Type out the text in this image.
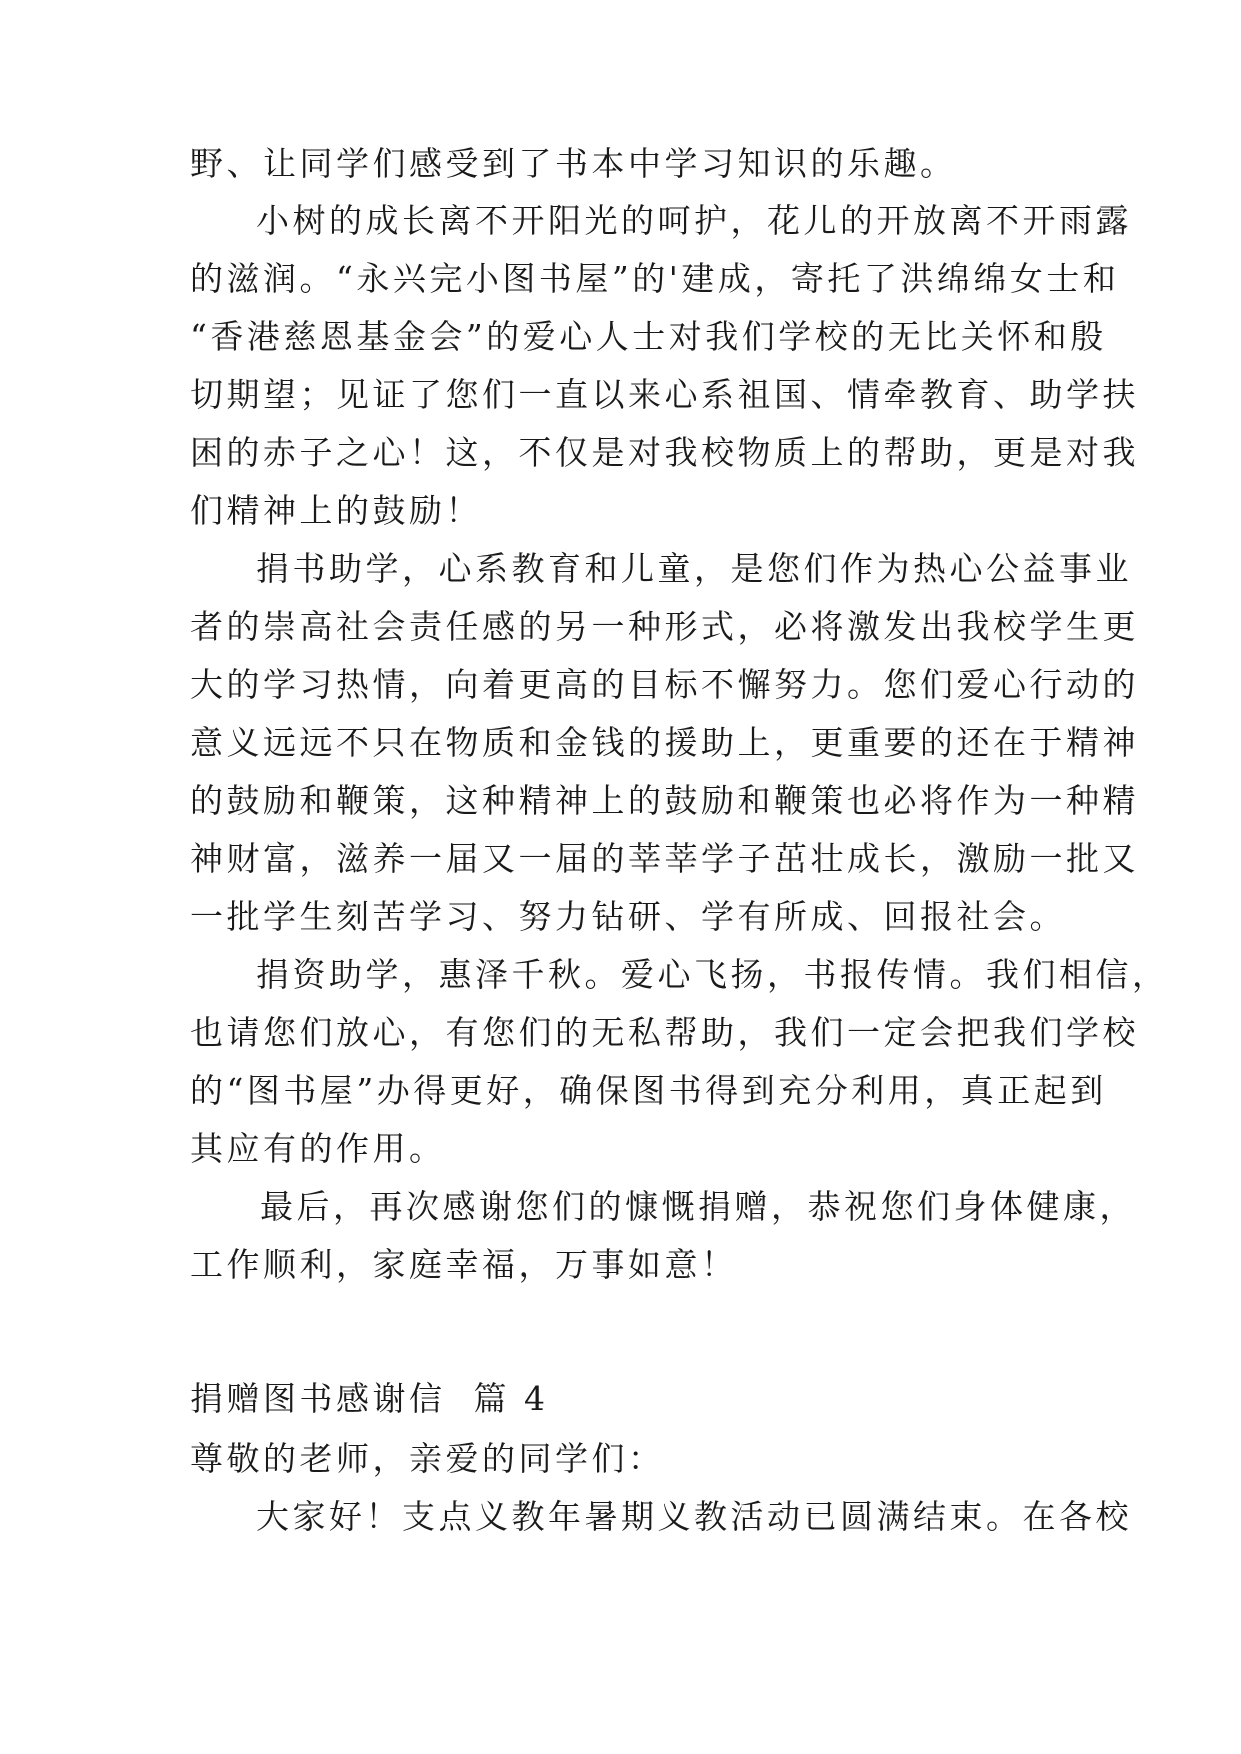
野、让同学们感受到了书本中学习知识的乐趣。
小树的成长离不开阳光的呵护，花儿的开放离不开雨露
的滋润。“永兴完小图书屋”的'建成，寄托了洪绵绵女士和
“香港慈恩基金会”的爱心人士对我们学校的无比关怀和殷
切期望；见证了您们一直以来心系祖国、情牵教育、助学扶
困的赤子之心！这，不仅是对我校物质上的帮助，更是对我
们精神上的鼓励！
捐书助学，心系教育和儿童，是您们作为热心公益事业
者的崇高社会责任感的另一种形式，必将激发出我校学生更
大的学习热情，向着更高的目标不懈努力。您们爱心行动的
意义远远不只在物质和金钱的援助上，更重要的还在于精神
的鼓励和鞭策，这种精神上的鼓励和鞭策也必将作为一种精
神财富，滋养一届又一届的莘莘学子茁壮成长，激励一批又
一批学生刻苦学习、努力钻研、学有所成、回报社会。
捐资助学，惠泽千秋。爱心飞扬，书报传情。我们相信，
也请您们放心，有您们的无私帮助，我们一定会把我们学校
的“图书屋”办得更好，确保图书得到充分利用，真正起到
其应有的作用。
最后，再次感谢您们的慷慨捐赠，恭祝您们身体健康，
工作顺利，家庭幸福，万事如意！
捐赠图书感谢信  篇 4
尊敬的老师，亲爱的同学们：
大家好！支点义教年暑期义教活动已圆满结束。在各校
